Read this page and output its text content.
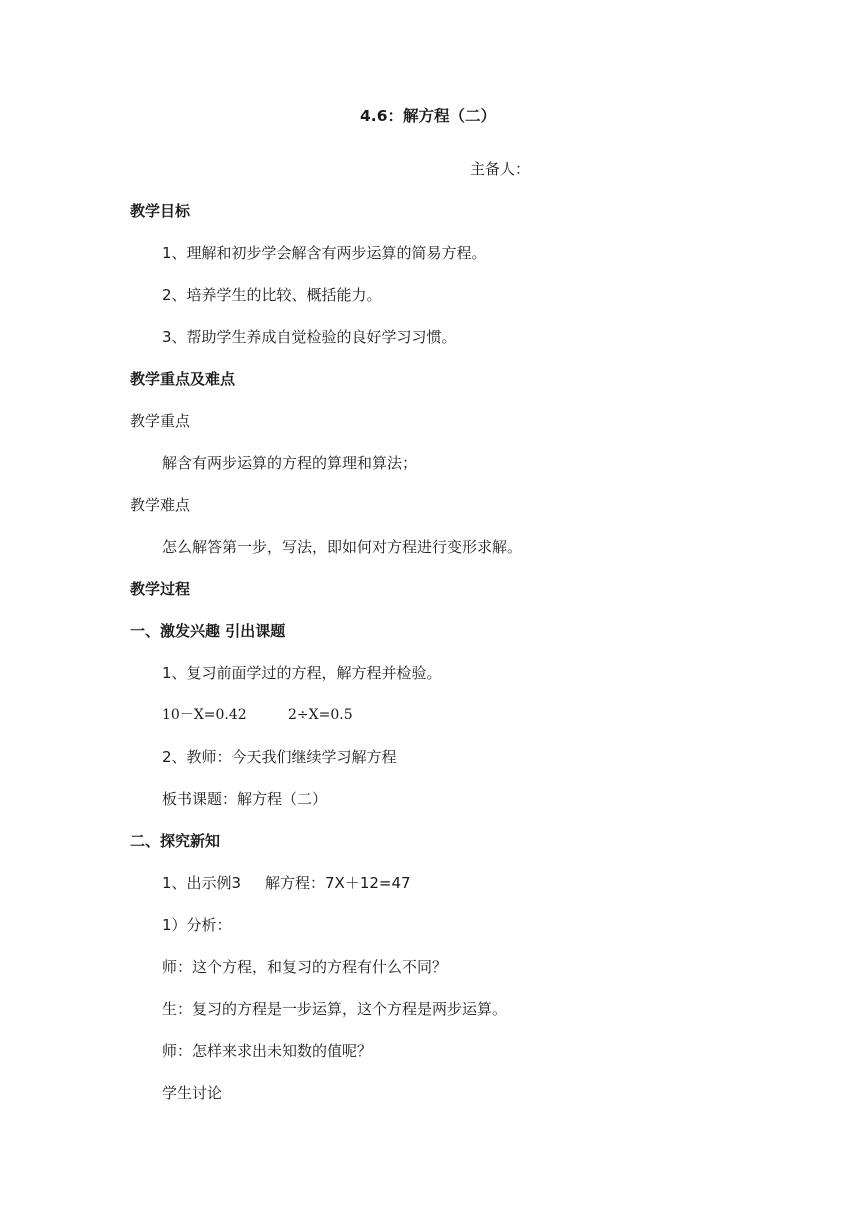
4.6：解方程（二）
主备人：
教学目标
1、理解和初步学会解含有两步运算的简易方程。
2、培养学生的比较、概括能力。
3、帮助学生养成自觉检验的良好学习习惯。
教学重点及难点
教学重点
解含有两步运算的方程的算理和算法；
教学难点
怎么解答第一步，写法，即如何对方程进行变形求解。
教学过程
一、激发兴趣 引出课题
1、复习前面学过的方程，解方程并检验。
10－X=0.42	2÷X=0.5
2、教师：今天我们继续学习解方程
板书课题：解方程（二）
二、探究新知
1、出示例3 解方程：7X＋12=47
1）分析：
师：这个方程，和复习的方程有什么不同？
生：复习的方程是一步运算，这个方程是两步运算。
师：怎样来求出未知数的值呢？
学生讨论
